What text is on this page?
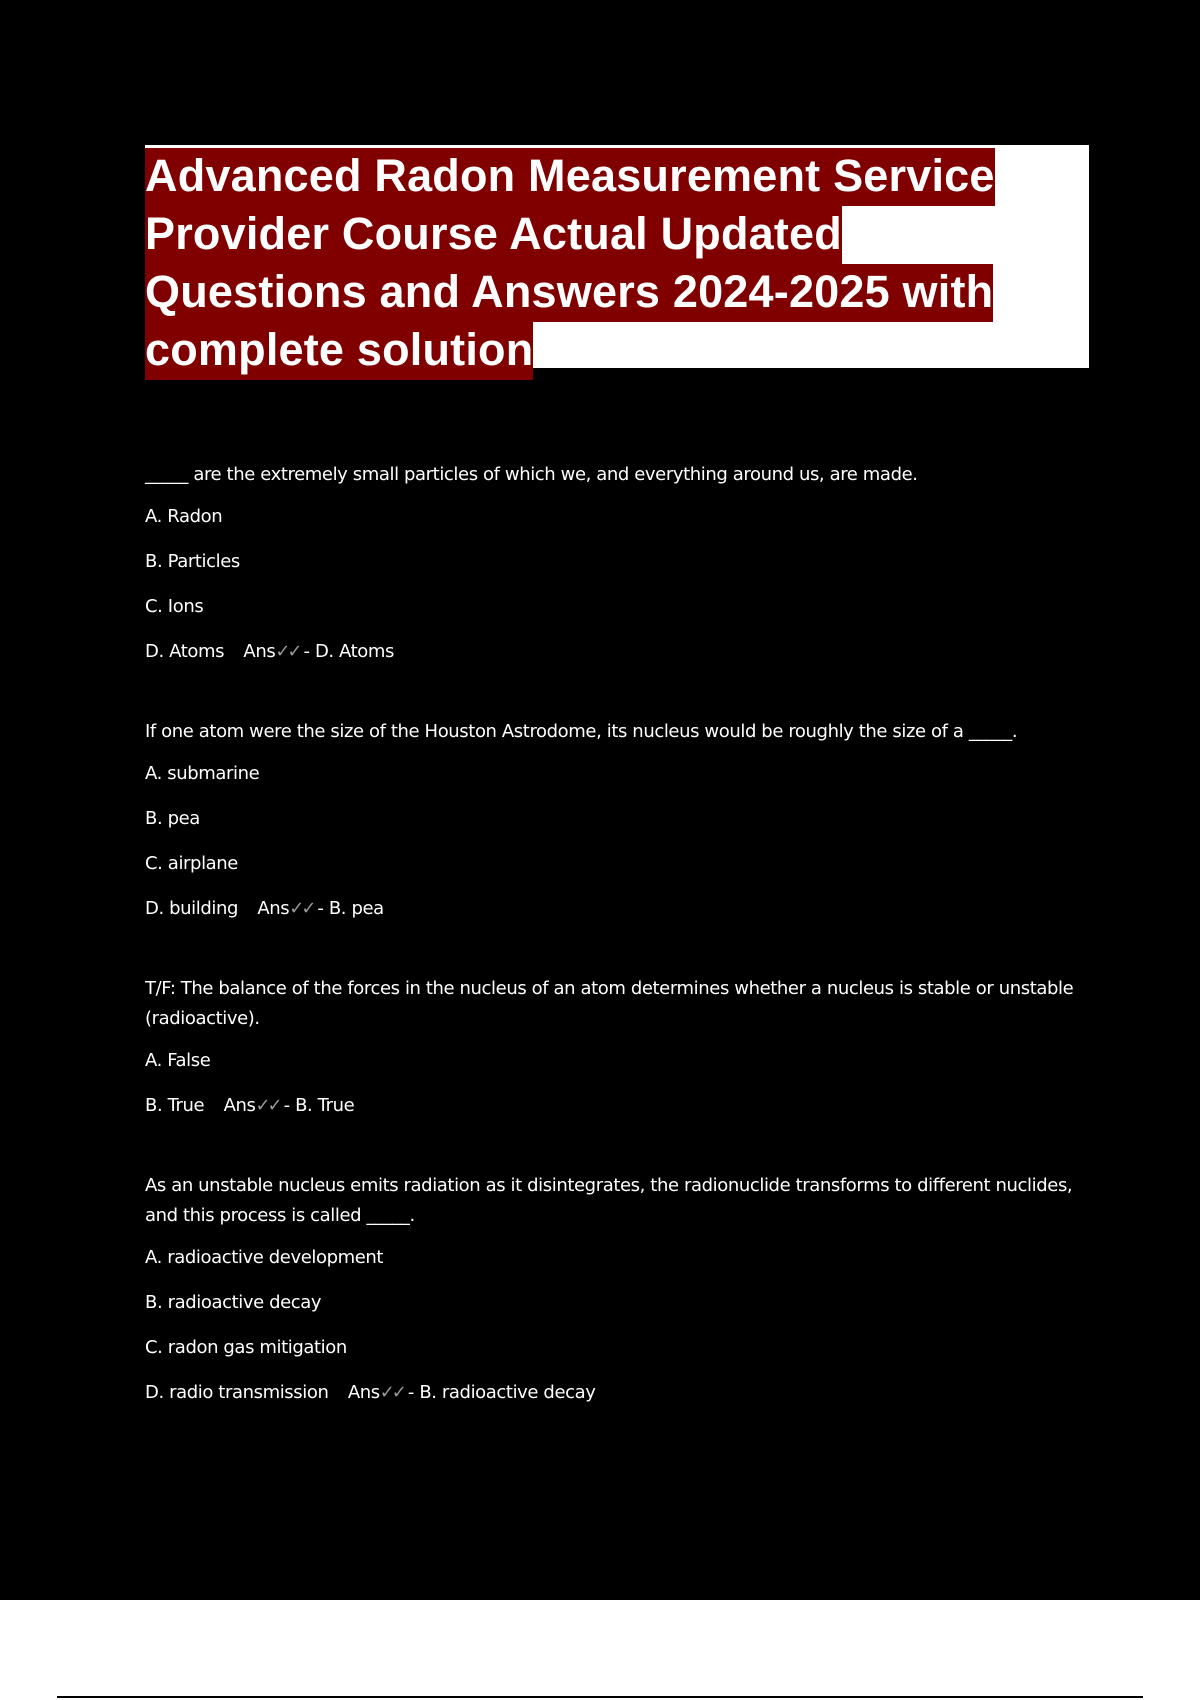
Advanced Radon Measurement Service
Provider Course Actual Updated
Questions and Answers 2024-2025 with
complete solution

_____ are the extremely small particles of which we, and everything around us, are made.

A. Radon

B. Particles

C. Ions

D. Atoms Ans✓✓ - D. Atoms

If one atom were the size of the Houston Astrodome, its nucleus would be roughly the size of a _____.

A. submarine

B. pea

C. airplane

D. building Ans✓✓ - B. pea

T/F: The balance of the forces in the nucleus of an atom determines whether a nucleus is stable or unstable (radioactive).

A. False

B. True Ans✓✓ - B. True

As an unstable nucleus emits radiation as it disintegrates, the radionuclide transforms to different nuclides, and this process is called _____.

A. radioactive development

B. radioactive decay

C. radon gas mitigation

D. radio transmission Ans✓✓ - B. radioactive decay
